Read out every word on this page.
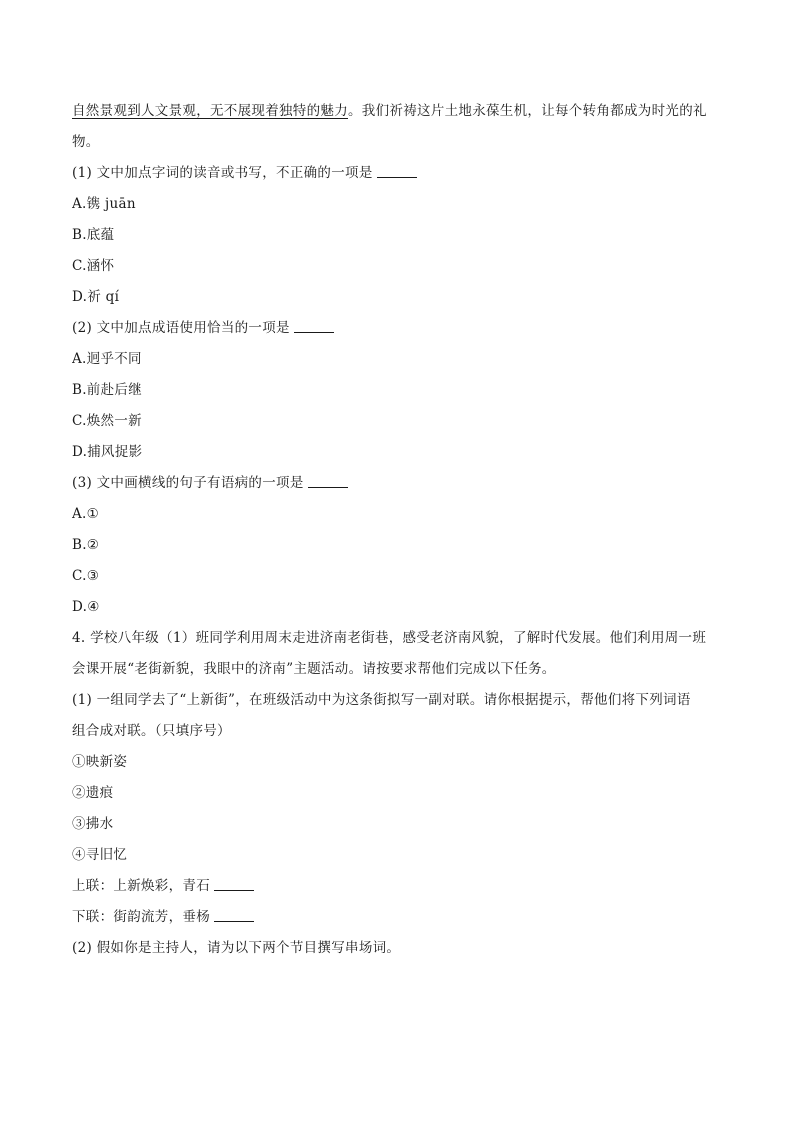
自然景观到人文景观，无不展现着独特的魅力。我们祈祷这片土地永葆生机，让每个转角都成为时光的礼
物。
(1) 文中加点字词的读音或书写，不正确的一项是
A.镌 juān
B.底蕴
C.涵怀
D.祈 qí
(2) 文中加点成语使用恰当的一项是
A.迥乎不同
B.前赴后继
C.焕然一新
D.捕风捉影
(3) 文中画横线的句子有语病的一项是
A.①
B.②
C.③
D.④
4. 学校八年级（1）班同学利用周末走进济南老街巷，感受老济南风貌，了解时代发展。他们利用周一班
会课开展“老街新貌，我眼中的济南”主题活动。请按要求帮他们完成以下任务。
(1) 一组同学去了“上新街”，在班级活动中为这条街拟写一副对联。请你根据提示，帮他们将下列词语
组合成对联。（只填序号）
①映新姿
②遗痕
③拂水
④寻旧忆
上联：上新焕彩，青石
下联：街韵流芳，垂杨
(2) 假如你是主持人，请为以下两个节目撰写串场词。
